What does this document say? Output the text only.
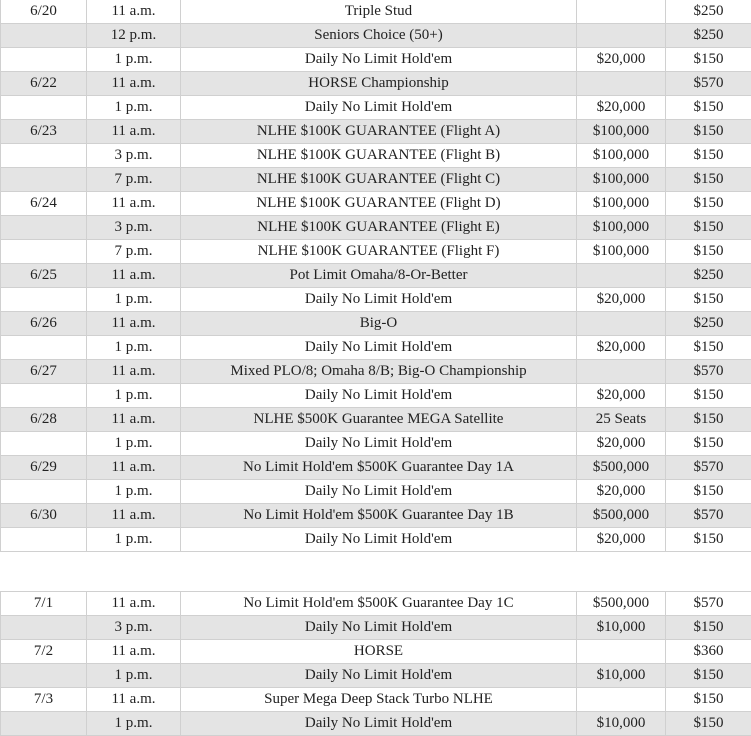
6/20	11 a.m.	Triple Stud		$250
	12 p.m.	Seniors Choice (50+)		$250
	1 p.m.	Daily No Limit Hold'em	$20,000	$150
6/22	11 a.m.	HORSE Championship		$570
	1 p.m.	Daily No Limit Hold'em	$20,000	$150
6/23	11 a.m.	NLHE $100K GUARANTEE (Flight A)	$100,000	$150
	3 p.m.	NLHE $100K GUARANTEE (Flight B)	$100,000	$150
	7 p.m.	NLHE $100K GUARANTEE (Flight C)	$100,000	$150
6/24	11 a.m.	NLHE $100K GUARANTEE (Flight D)	$100,000	$150
	3 p.m.	NLHE $100K GUARANTEE (Flight E)	$100,000	$150
	7 p.m.	NLHE $100K GUARANTEE (Flight F)	$100,000	$150
6/25	11 a.m.	Pot Limit Omaha/8-Or-Better		$250
	1 p.m.	Daily No Limit Hold'em	$20,000	$150
6/26	11 a.m.	Big-O		$250
	1 p.m.	Daily No Limit Hold'em	$20,000	$150
6/27	11 a.m.	Mixed PLO/8; Omaha 8/B; Big-O Championship		$570
	1 p.m.	Daily No Limit Hold'em	$20,000	$150
6/28	11 a.m.	NLHE $500K Guarantee MEGA Satellite	25 Seats	$150
	1 p.m.	Daily No Limit Hold'em	$20,000	$150
6/29	11 a.m.	No Limit Hold'em $500K Guarantee Day 1A	$500,000	$570
	1 p.m.	Daily No Limit Hold'em	$20,000	$150
6/30	11 a.m.	No Limit Hold'em $500K Guarantee Day 1B	$500,000	$570
	1 p.m.	Daily No Limit Hold'em	$20,000	$150
7/1	11 a.m.	No Limit Hold'em $500K Guarantee Day 1C	$500,000	$570
	3 p.m.	Daily No Limit Hold'em	$10,000	$150
7/2	11 a.m.	HORSE		$360
	1 p.m.	Daily No Limit Hold'em	$10,000	$150
7/3	11 a.m.	Super Mega Deep Stack Turbo NLHE		$150
	1 p.m.	Daily No Limit Hold'em	$10,000	$150
